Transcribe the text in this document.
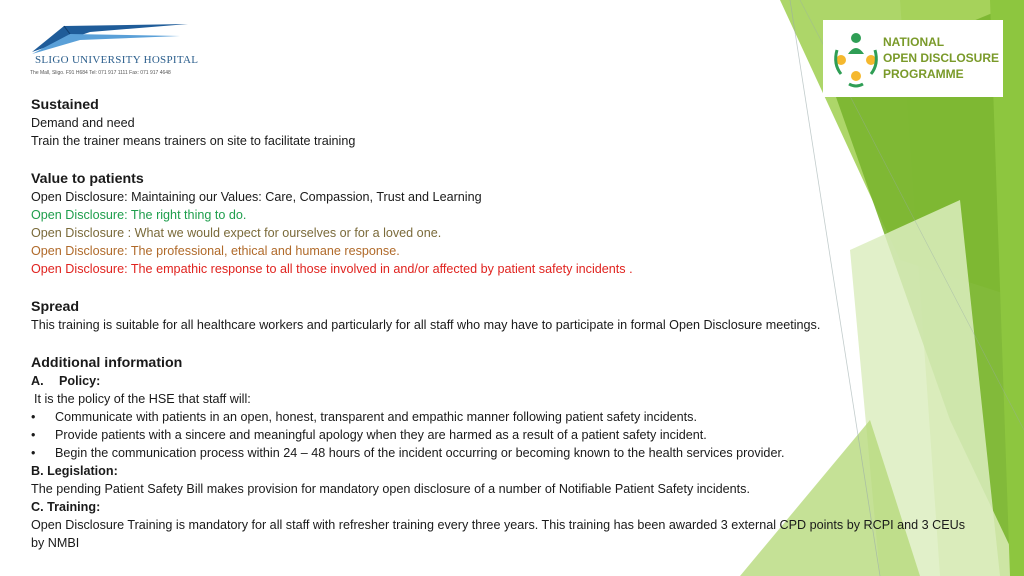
SLIGO UNIVERSITY HOSPITAL
The Mall, Sligo. F91 H684 Tel: 071 917 1111 Fax: 071 917 4648
NATIONAL
OPEN DISCLOSURE
PROGRAMME

Sustained

Demand and need

Train the trainer means trainers on site to facilitate training

Value to patients

Open Disclosure: Maintaining our Values: Care, Compassion, Trust and Learning

Open Disclosure: The right thing to do.

Open Disclosure : What we would expect for ourselves or for a loved one.

Open Disclosure: The professional, ethical and humane response.

Open Disclosure: The empathic response to all those involved in and/or affected by patient safety incidents .

Spread

This training is suitable for all healthcare workers and particularly for all staff who may have to participate in formal Open Disclosure meetings.

Additional information

A. Policy:

It is the policy of the HSE that staff will:

• Communicate with patients in an open, honest, transparent and empathic manner following patient safety incidents.

• Provide patients with a sincere and meaningful apology when they are harmed as a result of a patient safety incident.

• Begin the communication process within 24 – 48 hours of the incident occurring or becoming known to the health services provider.

B. Legislation:

The pending Patient Safety Bill makes provision for mandatory open disclosure of a number of Notifiable Patient Safety incidents.

C. Training:

Open Disclosure Training is mandatory for all staff with refresher training every three years. This training has been awarded 3 external CPD points by RCPI and 3 CEUs by NMBI
